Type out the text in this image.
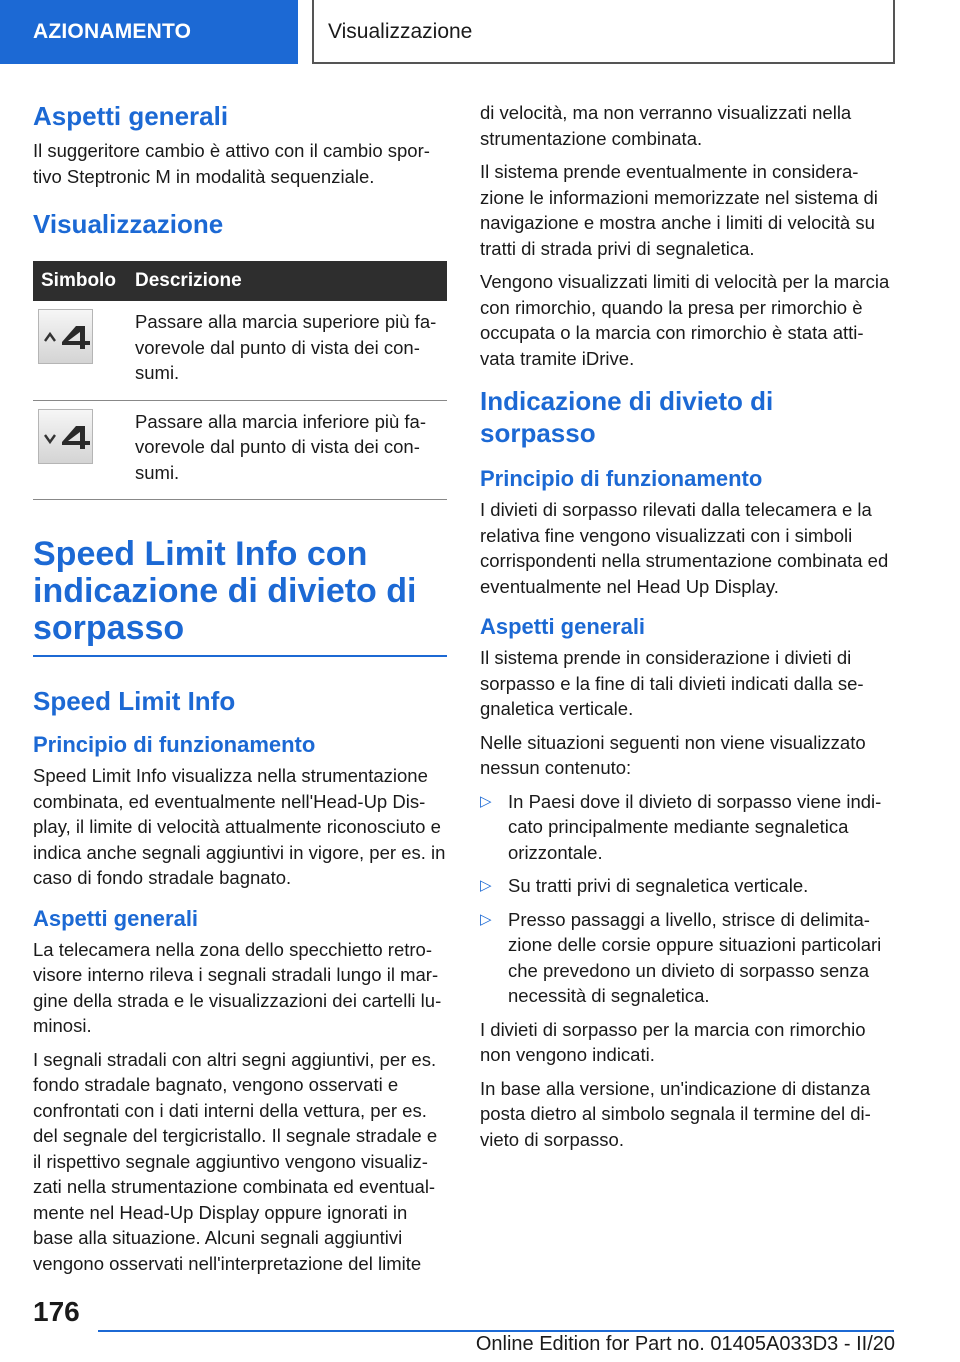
AZIONAMENTO	Visualizzazione
Aspetti generali

Il suggeritore cambio è attivo con il cambio spor-tivo Steptronic M in modalità sequenziale.

Visualizzazione
Simbolo	Descrizione

	Passare alla marcia superiore più fa-vorevole dal punto di vista dei con-sumi.

	Passare alla marcia inferiore più fa-vorevole dal punto di vista dei con-sumi.
Speed Limit Info con indicazione di divieto di sorpasso
Speed Limit Info
Principio di funzionamento

Speed Limit Info visualizza nella strumentazione combinata, ed eventualmente nell'Head-Up Dis-play, il limite di velocità attualmente riconosciuto e indica anche segnali aggiuntivi in vigore, per es. in caso di fondo stradale bagnato.

Aspetti generali

La telecamera nella zona dello specchietto retro-visore interno rileva i segnali stradali lungo il mar-gine della strada e le visualizzazioni dei cartelli lu-minosi.

I segnali stradali con altri segni aggiuntivi, per es. fondo stradale bagnato, vengono osservati e confrontati con i dati interni della vettura, per es. del segnale del tergicristallo. Il segnale stradale e il rispettivo segnale aggiuntivo vengono visualiz-zati nella strumentazione combinata ed eventual-mente nel Head-Up Display oppure ignorati in base alla situazione. Alcuni segnali aggiuntivi vengono osservati nell'interpretazione del limite

di velocità, ma non verranno visualizzati nella strumentazione combinata.

Il sistema prende eventualmente in considera-zione le informazioni memorizzate nel sistema di navigazione e mostra anche i limiti di velocità su tratti di strada privi di segnaletica.

Vengono visualizzati limiti di velocità per la marcia con rimorchio, quando la presa per rimorchio è occupata o la marcia con rimorchio è stata atti-vata tramite iDrive.

Indicazione di divieto di sorpasso
Principio di funzionamento

I divieti di sorpasso rilevati dalla telecamera e la relativa fine vengono visualizzati con i simboli corrispondenti nella strumentazione combinata ed eventualmente nel Head Up Display.

Aspetti generali

Il sistema prende in considerazione i divieti di sorpasso e la fine di tali divieti indicati dalla se-gnaletica verticale.

Nelle situazioni seguenti non viene visualizzato nessun contenuto:

▷ In Paesi dove il divieto di sorpasso viene indi-cato principalmente mediante segnaletica orizzontale.
▷ Su tratti privi di segnaletica verticale.
▷ Presso passaggi a livello, strisce di delimita-zione delle corsie oppure situazioni particolari che prevedono un divieto di sorpasso senza necessità di segnaletica.

I divieti di sorpasso per la marcia con rimorchio non vengono indicati.

In base alla versione, un'indicazione di distanza posta dietro al simbolo segnala il termine del di-vieto di sorpasso.

176
Online Edition for Part no. 01405A033D3 - II/20
